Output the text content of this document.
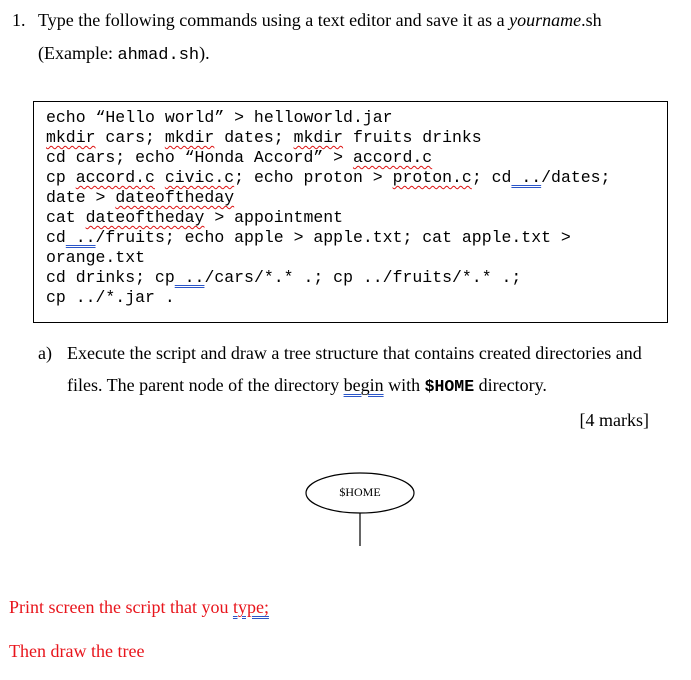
1. Type the following commands using a text editor and save it as a yourname.sh
(Example: ahmad.sh).
echo “Hello world” > helloworld.jar
mkdir cars; mkdir dates; mkdir fruits drinks
cd cars; echo “Honda Accord” > accord.c
cp accord.c civic.c; echo proton > proton.c; cd ../dates;
date > dateoftheday
cat dateoftheday > appointment
cd ../fruits; echo apple > apple.txt; cat apple.txt >
orange.txt
cd drinks; cp ../cars/*.* .; cp ../fruits/*.* .;
cp ../*.jar .
a) Execute the script and draw a tree structure that contains created directories and
files. The parent node of the directory begin with $HOME directory.
[4 marks]
$HOME
Print screen the script that you type;
Then draw the tree
